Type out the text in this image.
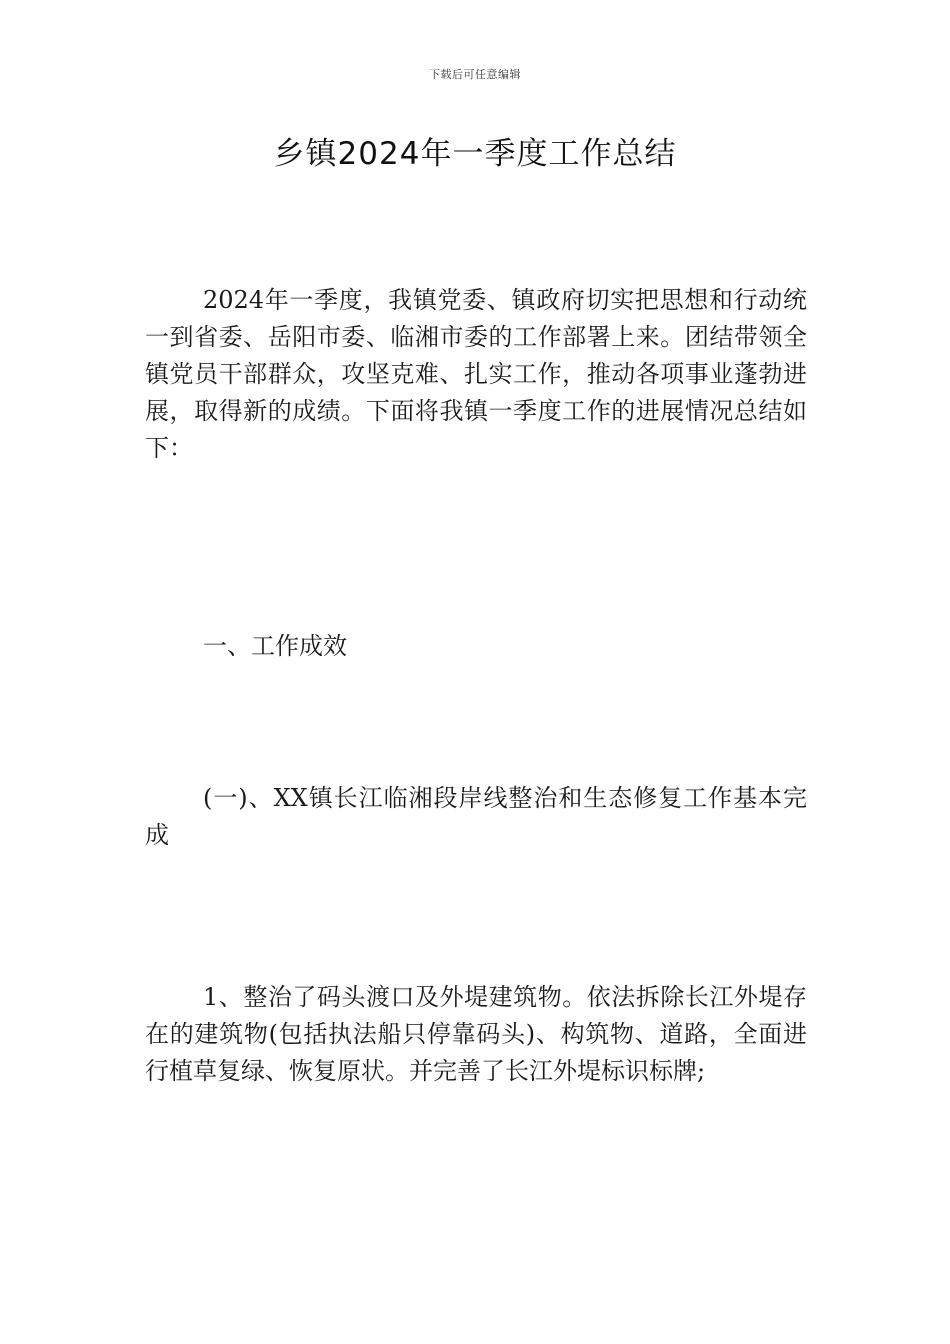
下载后可任意编辑
乡镇2024年一季度工作总结

2024年一季度，我镇党委、镇政府切实把思想和行动统一到省委、岳阳市委、临湘市委的工作部署上来。团结带领全镇党员干部群众，攻坚克难、扎实工作，推动各项事业蓬勃进展，取得新的成绩。下面将我镇一季度工作的进展情况总结如下：

一、工作成效

(一)、XX镇长江临湘段岸线整治和生态修复工作基本完成

1、整治了码头渡口及外堤建筑物。依法拆除长江外堤存在的建筑物(包括执法船只停靠码头)、构筑物、道路，全面进行植草复绿、恢复原状。并完善了长江外堤标识标牌;
